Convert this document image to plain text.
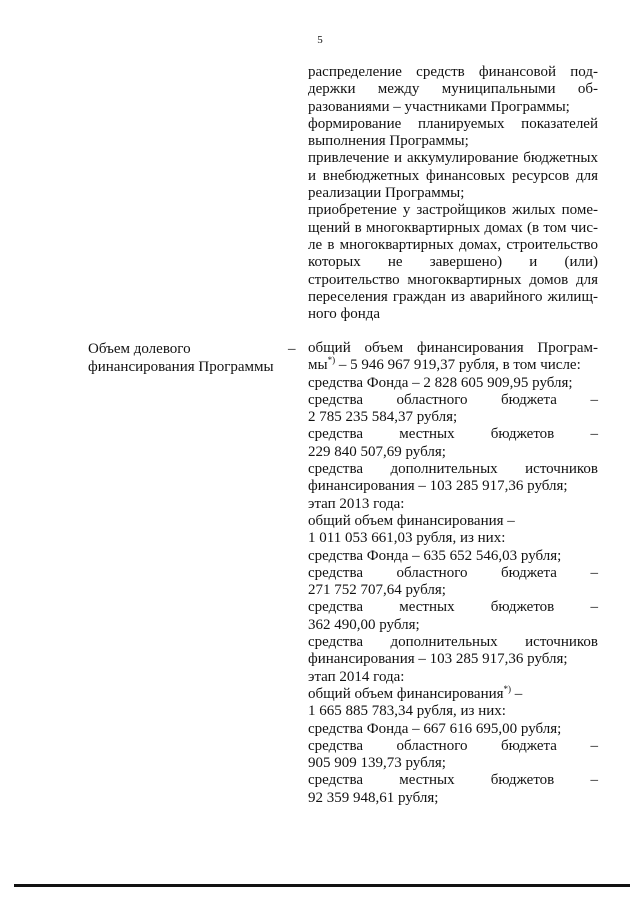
5
распределение средств финансовой под-
держки между муниципальными об-
разованиями – участниками Программы;
формирование планируемых показателей
выполнения Программы;
привлечение и аккумулирование бюджетных
и внебюджетных финансовых ресурсов для
реализации Программы;
приобретение у застройщиков жилых поме-
щений в многоквартирных домах (в том чис-
ле в многоквартирных домах, строительство
которых не завершено) и (или)
строительство многоквартирных домов для
переселения граждан из аварийного жилищ-
ного фонда
Объем долевого
финансирования Программы
– общий объем финансирования Програм-
мы*) – 5 946 967 919,37 рубля, в том числе:
средства Фонда – 2 828 605 909,95 рубля;
средства областного бюджета –
2 785 235 584,37 рубля;
средства местных бюджетов –
229 840 507,69 рубля;
средства дополнительных источников
финансирования – 103 285 917,36 рубля;
этап 2013 года:
общий объем финансирования –
1 011 053 661,03 рубля, из них:
средства Фонда – 635 652 546,03 рубля;
средства областного бюджета –
271 752 707,64 рубля;
средства местных бюджетов –
362 490,00 рубля;
средства дополнительных источников
финансирования – 103 285 917,36 рубля;
этап 2014 года:
общий объем финансирования*) –
1 665 885 783,34 рубля, из них:
средства Фонда – 667 616 695,00 рубля;
средства областного бюджета –
905 909 139,73 рубля;
средства местных бюджетов –
92 359 948,61 рубля;
